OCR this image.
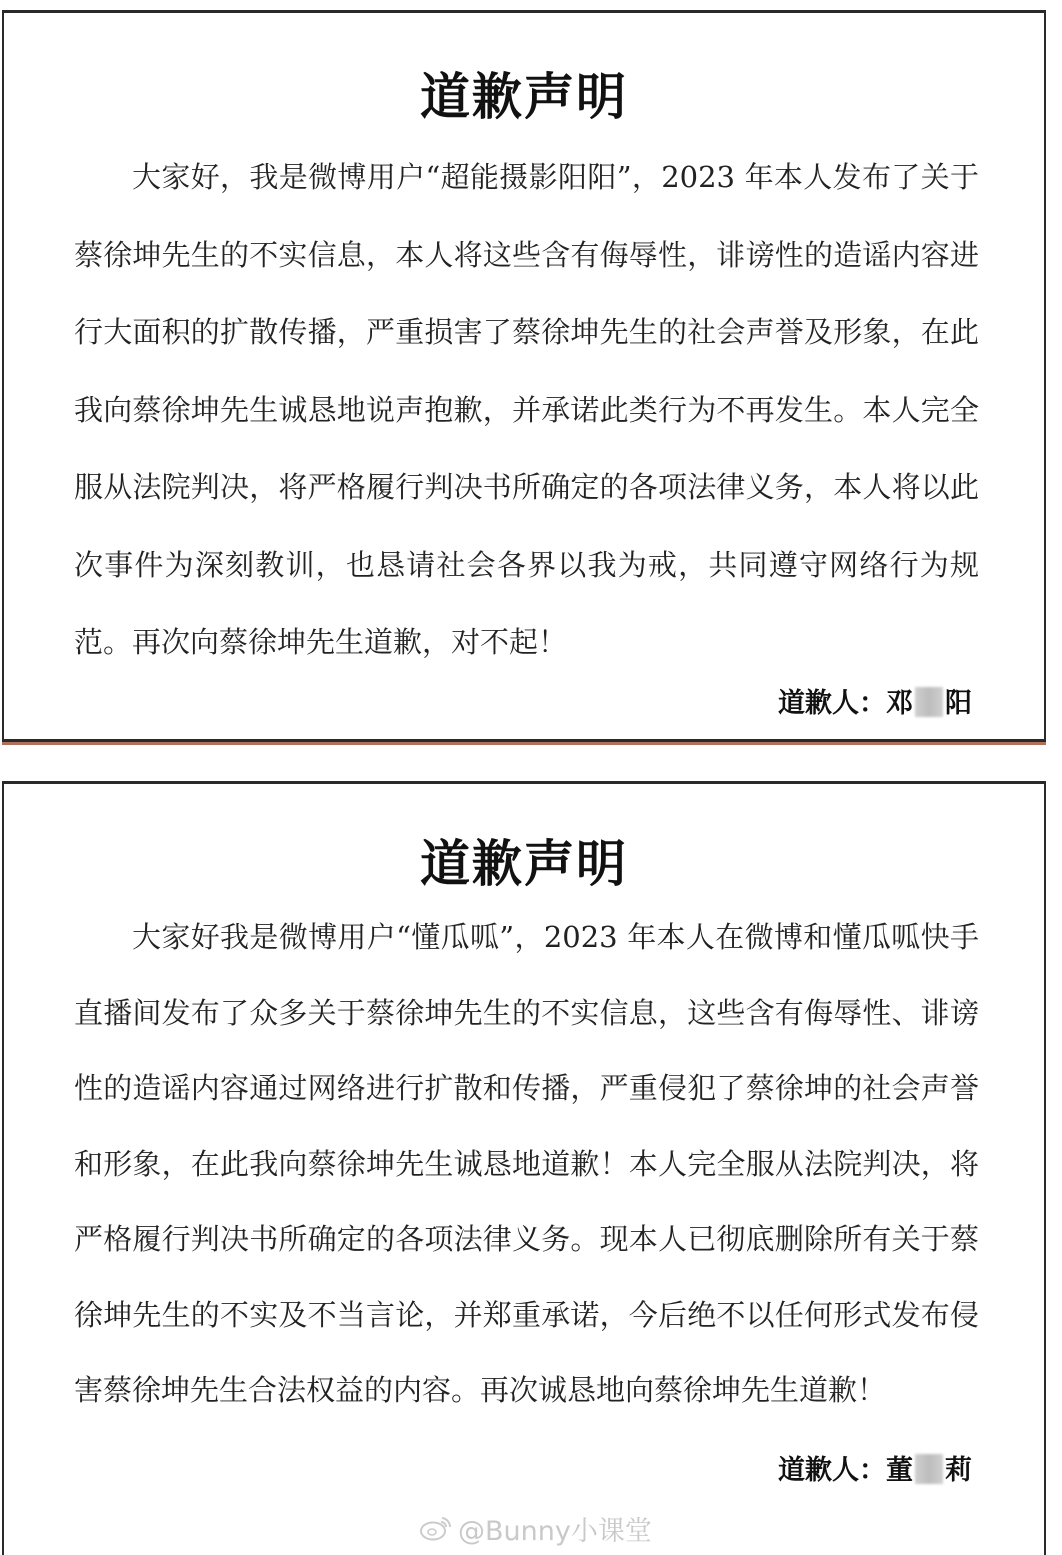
道歉声明

大家好，我是微博用户“超能摄影阳阳”，2023 年本人发布了关于蔡徐坤先生的不实信息，本人将这些含有侮辱性，诽谤性的造谣内容进行大面积的扩散传播，严重损害了蔡徐坤先生的社会声誉及形象，在此我向蔡徐坤先生诚恳地说声抱歉，并承诺此类行为不再发生。本人完全服从法院判决，将严格履行判决书所确定的各项法律义务，本人将以此次事件为深刻教训，也恳请社会各界以我为戒，共同遵守网络行为规范。再次向蔡徐坤先生道歉，对不起！

道歉人：邓 阳
道歉声明

大家好我是微博用户“懂瓜呱”，2023 年本人在微博和懂瓜呱快手直播间发布了众多关于蔡徐坤先生的不实信息，这些含有侮辱性、诽谤性的造谣内容通过网络进行扩散和传播，严重侵犯了蔡徐坤的社会声誉和形象，在此我向蔡徐坤先生诚恳地道歉！本人完全服从法院判决，将严格履行判决书所确定的各项法律义务。现本人已彻底删除所有关于蔡徐坤先生的不实及不当言论，并郑重承诺，今后绝不以任何形式发布侵害蔡徐坤先生合法权益的内容。再次诚恳地向蔡徐坤先生道歉！

道歉人：董 莉
@Bunny小课堂
